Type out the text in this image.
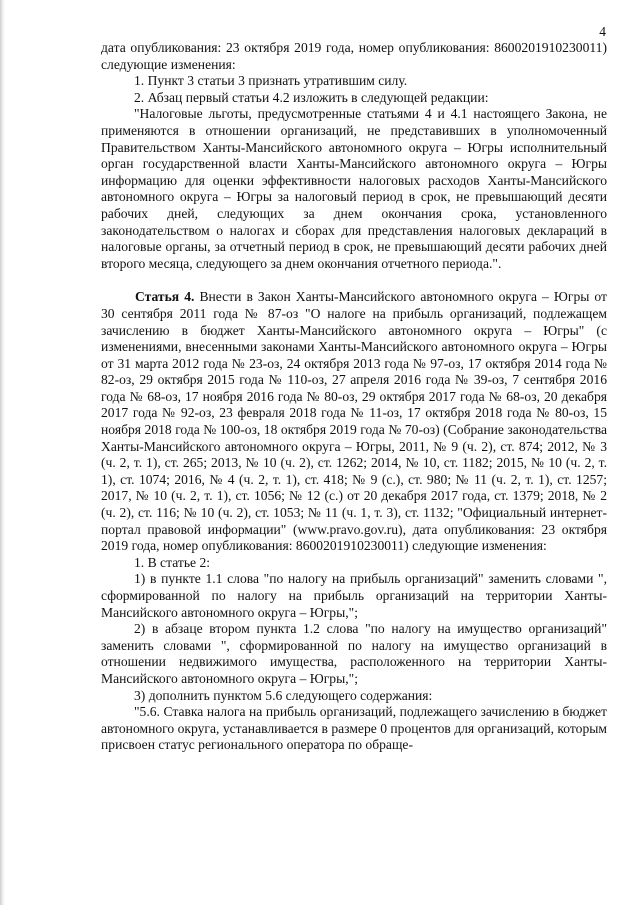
4

дата опубликования: 23 октября 2019 года, номер опубликования: 8600201910230011) следующие изменения:

1. Пункт 3 статьи 3 признать утратившим силу.

2. Абзац первый статьи 4.2 изложить в следующей редакции:

"Налоговые льготы, предусмотренные статьями 4 и 4.1 настоящего Закона, не применяются в отношении организаций, не представивших в уполномоченный Правительством Ханты-Мансийского автономного округа – Югры исполнительный орган государственной власти Ханты-Мансийского автономного округа – Югры информацию для оценки эффективности налоговых расходов Ханты-Мансийского автономного округа – Югры за налоговый период в срок, не превышающий десяти рабочих дней, следующих за днем окончания срока, установленного законодательством о налогах и сборах для представления налоговых деклараций в налоговые органы, за отчетный период в срок, не превышающий десяти рабочих дней второго месяца, следующего за днем окончания отчетного периода.".

Статья 4. Внести в Закон Ханты-Мансийского автономного округа – Югры от 30 сентября 2011 года № 87-оз "О налоге на прибыль организаций, подлежащем зачислению в бюджет Ханты-Мансийского автономного округа – Югры" (с изменениями, внесенными законами Ханты-Мансийского автономного округа – Югры от 31 марта 2012 года № 23-оз, 24 октября 2013 года № 97-оз, 17 октября 2014 года № 82-оз, 29 октября 2015 года № 110-оз, 27 апреля 2016 года № 39-оз, 7 сентября 2016 года № 68-оз, 17 ноября 2016 года № 80-оз, 29 октября 2017 года № 68-оз, 20 декабря 2017 года № 92-оз, 23 февраля 2018 года № 11-оз, 17 октября 2018 года № 80-оз, 15 ноября 2018 года № 100-оз, 18 октября 2019 года № 70-оз) (Собрание законодательства Ханты-Мансийского автономного округа – Югры, 2011, № 9 (ч. 2), ст. 874; 2012, № 3 (ч. 2, т. 1), ст. 265; 2013, № 10 (ч. 2), ст. 1262; 2014, № 10, ст. 1182; 2015, № 10 (ч. 2, т. 1), ст. 1074; 2016, № 4 (ч. 2, т. 1), ст. 418; № 9 (с.), ст. 980; № 11 (ч. 2, т. 1), ст. 1257; 2017, № 10 (ч. 2, т. 1), ст. 1056; № 12 (с.) от 20 декабря 2017 года, ст. 1379; 2018, № 2 (ч. 2), ст. 116; № 10 (ч. 2), ст. 1053; № 11 (ч. 1, т. 3), ст. 1132; "Официальный интернет-портал правовой информации" (www.pravo.gov.ru), дата опубликования: 23 октября 2019 года, номер опубликования: 8600201910230011) следующие изменения:

1. В статье 2:

1) в пункте 1.1 слова "по налогу на прибыль организаций" заменить словами ", сформированной по налогу на прибыль организаций на территории Ханты-Мансийского автономного округа – Югры,";

2) в абзаце втором пункта 1.2 слова "по налогу на имущество организаций" заменить словами ", сформированной по налогу на имущество организаций в отношении недвижимого имущества, расположенного на территории Ханты-Мансийского автономного округа – Югры,";

3) дополнить пунктом 5.6 следующего содержания:

"5.6. Ставка налога на прибыль организаций, подлежащего зачислению в бюджет автономного округа, устанавливается в размере 0 процентов для организаций, которым присвоен статус регионального оператора по обраще-
